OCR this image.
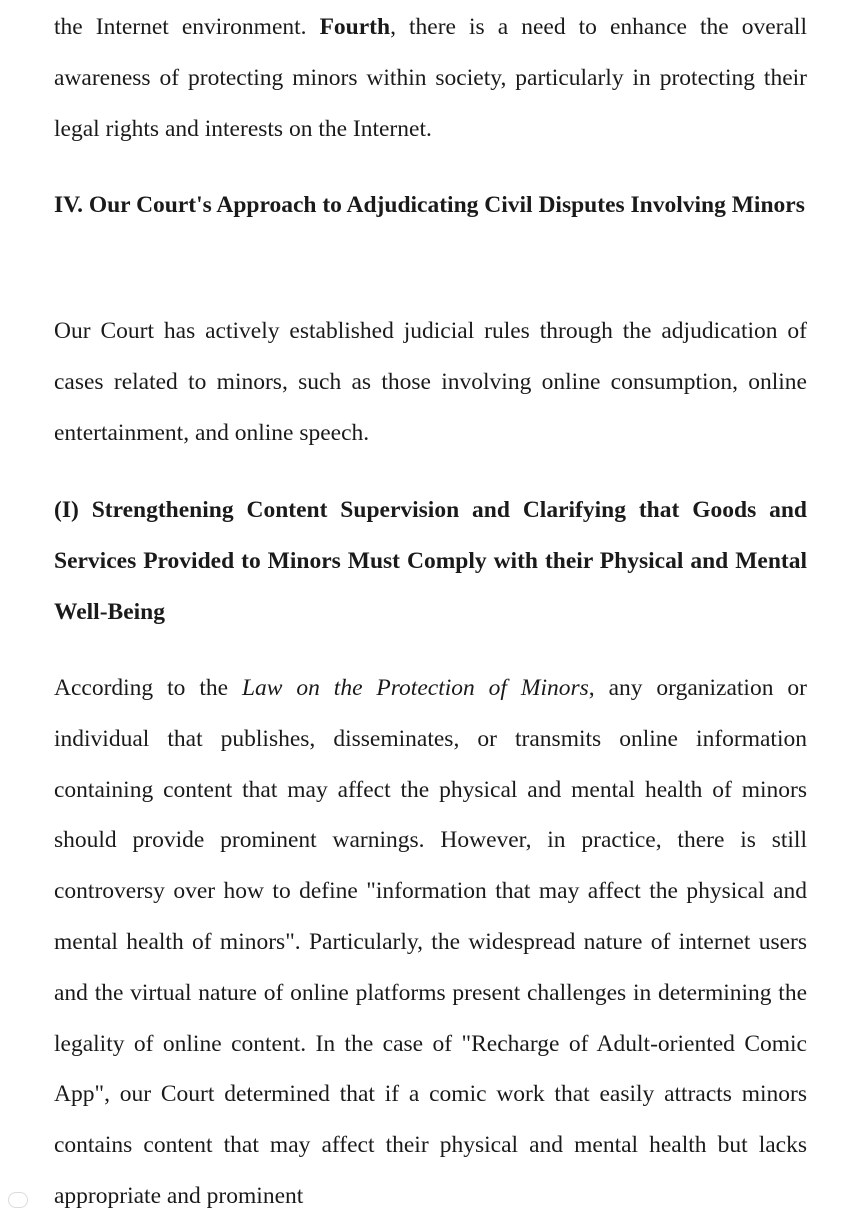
the Internet environment. Fourth, there is a need to enhance the overall awareness of protecting minors within society, particularly in protecting their legal rights and interests on the Internet.

IV. Our Court's Approach to Adjudicating Civil Disputes Involving Minors

Our Court has actively established judicial rules through the adjudication of cases related to minors, such as those involving online consumption, online entertainment, and online speech.

(I) Strengthening Content Supervision and Clarifying that Goods and Services Provided to Minors Must Comply with their Physical and Mental Well-Being

According to the Law on the Protection of Minors, any organization or individual that publishes, disseminates, or transmits online information containing content that may affect the physical and mental health of minors should provide prominent warnings. However, in practice, there is still controversy over how to define "information that may affect the physical and mental health of minors". Particularly, the widespread nature of internet users and the virtual nature of online platforms present challenges in determining the legality of online content. In the case of "Recharge of Adult-oriented Comic App", our Court determined that if a comic work that easily attracts minors contains content that may affect their physical and mental health but lacks appropriate and prominent
